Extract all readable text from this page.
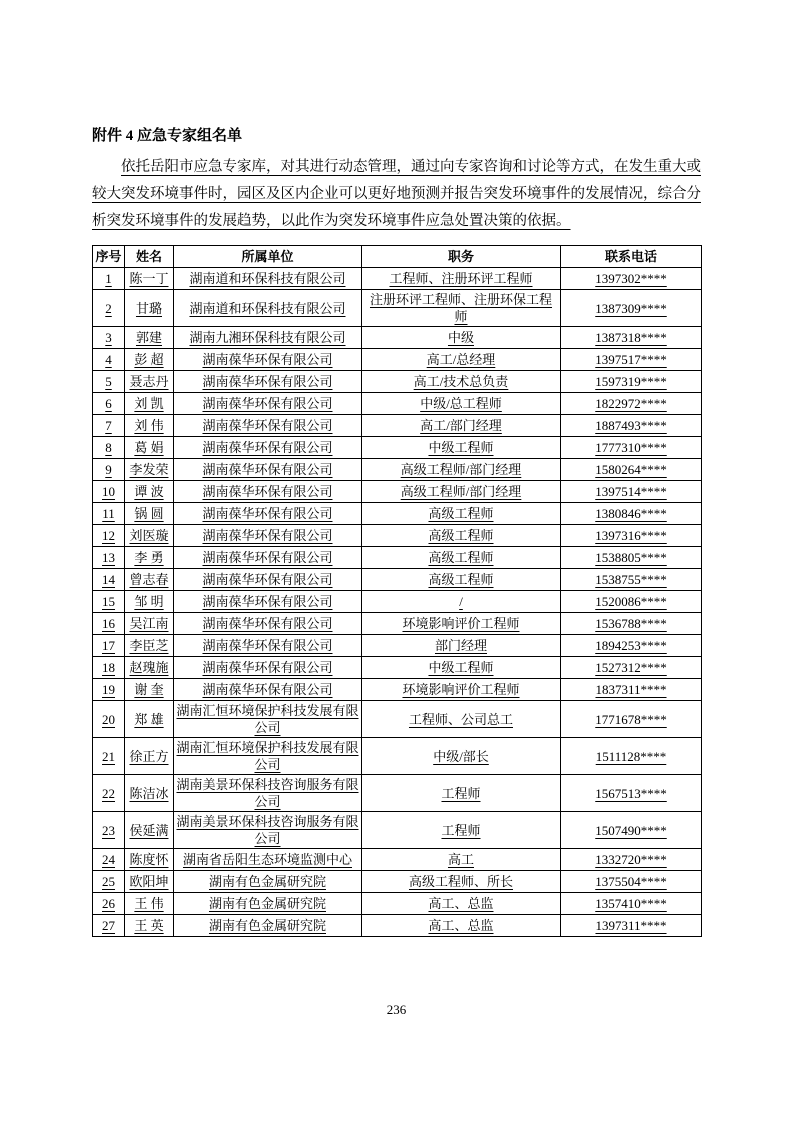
附件 4 应急专家组名单

依托岳阳市应急专家库，对其进行动态管理，通过向专家咨询和讨论等方式，在发生重大或较大突发环境事件时，园区及区内企业可以更好地预测并报告突发环境事件的发展情况，综合分析突发环境事件的发展趋势，以此作为突发环境事件应急处置决策的依据。

序号	姓名	所属单位	职务	联系电话
1	陈一丁	湖南道和环保科技有限公司	工程师、注册环评工程师	1397302****
2	甘璐	湖南道和环保科技有限公司	注册环评工程师、注册环保工程师	1387309****
3	郭建	湖南九湘环保科技有限公司	中级	1387318****
4	彭 超	湖南葆华环保有限公司	高工/总经理	1397517****
5	聂志丹	湖南葆华环保有限公司	高工/技术总负责	1597319****
6	刘 凯	湖南葆华环保有限公司	中级/总工程师	1822972****
7	刘 伟	湖南葆华环保有限公司	高工/部门经理	1887493****
8	葛 娟	湖南葆华环保有限公司	中级工程师	1777310****
9	李发荣	湖南葆华环保有限公司	高级工程师/部门经理	1580264****
10	谭 波	湖南葆华环保有限公司	高级工程师/部门经理	1397514****
11	锅 圆	湖南葆华环保有限公司	高级工程师	1380846****
12	刘医璇	湖南葆华环保有限公司	高级工程师	1397316****
13	李 勇	湖南葆华环保有限公司	高级工程师	1538805****
14	曾志春	湖南葆华环保有限公司	高级工程师	1538755****
15	邹 明	湖南葆华环保有限公司	/	1520086****
16	吴江南	湖南葆华环保有限公司	环境影响评价工程师	1536788****
17	李臣芝	湖南葆华环保有限公司	部门经理	1894253****
18	赵瑰施	湖南葆华环保有限公司	中级工程师	1527312****
19	谢 奎	湖南葆华环保有限公司	环境影响评价工程师	1837311****
20	郑 雄	湖南汇恒环境保护科技发展有限公司	工程师、公司总工	1771678****
21	徐正方	湖南汇恒环境保护科技发展有限公司	中级/部长	1511128****
22	陈洁冰	湖南美景环保科技咨询服务有限公司	工程师	1567513****
23	侯延满	湖南美景环保科技咨询服务有限公司	工程师	1507490****
24	陈度怀	湖南省岳阳生态环境监测中心	高工	1332720****
25	欧阳坤	湖南有色金属研究院	高级工程师、所长	1375504****
26	王 伟	湖南有色金属研究院	高工、总监	1357410****
27	王 英	湖南有色金属研究院	高工、总监	1397311****
236
